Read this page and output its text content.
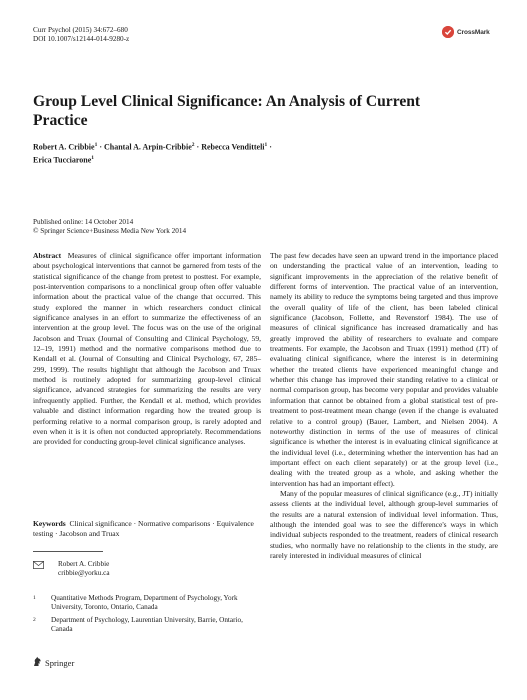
Curr Psychol (2015) 34:672–680
DOI 10.1007/s12144-014-9280-z
CrossMark
Group Level Clinical Significance: An Analysis of Current Practice
Robert A. Cribbie$^1$ · Chantal A. Arpin-Cribbie$^2$ · Rebecca Venditteli$^1$ ·
Erica Tucciarone$^1$
Published online: 14 October 2014
© Springer Science+Business Media New York 2014

Abstract Measures of clinical significance offer important information about psychological interventions that cannot be garnered from tests of the statistical significance of the change from pretest to posttest. For example, post-intervention comparisons to a nonclinical group often offer valuable information about the practical value of the change that occurred. This study explored the manner in which researchers conduct clinical significance analyses in an effort to summarize the effectiveness of an intervention at the group level. The focus was on the use of the original Jacobson and Truax (Journal of Consulting and Clinical Psychology, 59, 12–19, 1991) method and the normative comparisons method due to Kendall et al. (Journal of Consulting and Clinical Psychology, 67, 285–299, 1999). The results highlight that although the Jacobson and Truax method is routinely adopted for summarizing group-level clinical significance, advanced strategies for summarizing the results are very infrequently applied. Further, the Kendall et al. method, which provides valuable and distinct information regarding how the treated group is performing relative to a normal comparison group, is rarely adopted and even when it is it is often not conducted appropriately. Recommendations are provided for conducting group-level clinical significance analyses.

Keywords Clinical significance · Normative comparisons · Equivalence testing · Jacobson and Truax
Robert A. Cribbie
cribbie@yorku.ca
1 Quantitative Methods Program, Department of Psychology, York University, Toronto, Ontario, Canada
2 Department of Psychology, Laurentian University, Barrie, Ontario, Canada
Springer

The past few decades have seen an upward trend in the importance placed on understanding the practical value of an intervention, leading to significant improvements in the appreciation of the relative benefit of different forms of intervention. The practical value of an intervention, namely its ability to reduce the symptoms being targeted and thus improve the overall quality of life of the client, has been labeled clinical significance (Jacobson, Follette, and Revenstorf 1984). The use of measures of clinical significance has increased dramatically and has greatly improved the ability of researchers to evaluate and compare treatments. For example, the Jacobson and Truax (1991) method (JT) of evaluating clinical significance, where the interest is in determining whether the treated clients have experienced meaningful change and whether this change has improved their standing relative to a clinical or normal comparison group, has become very popular and provides valuable information that cannot be obtained from a global statistical test of pre-treatment to post-treatment mean change (even if the change is evaluated relative to a control group) (Bauer, Lambert, and Nielsen 2004). A noteworthy distinction in terms of the use of measures of clinical significance is whether the interest is in evaluating clinical significance at the individual level (i.e., determining whether the intervention has had an important effect on each client separately) or at the group level (i.e., dealing with the treated group as a whole, and asking whether the intervention has had an important effect).

Many of the popular measures of clinical significance (e.g., JT) initially assess clients at the individual level, although group-level summaries of the results are a natural extension of individual level information. Thus, although the intended goal was to see the difference's ways in which individual subjects responded to the treatment, readers of clinical research studies, who normally have no relationship to the clients in the study, are rarely interested in individual measures of clinical
